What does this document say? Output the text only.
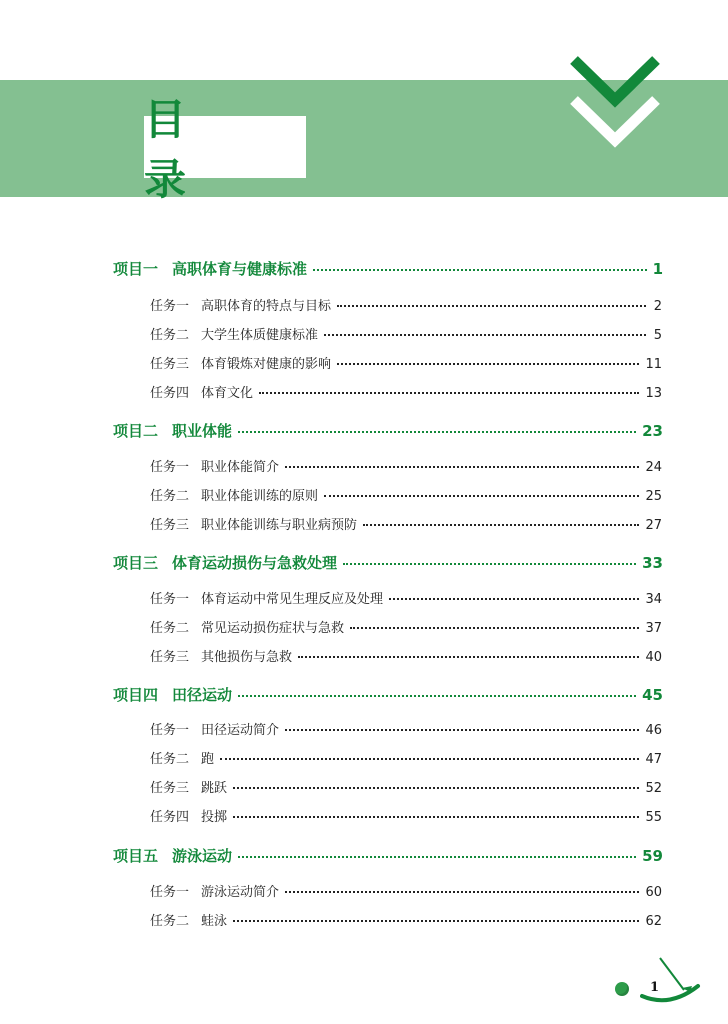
目 录
项目一 高职体育与健康标准	1
任务一 高职体育的特点与目标	2
任务二 大学生体质健康标准	5
任务三 体育锻炼对健康的影响	11
任务四 体育文化	13
项目二 职业体能	23
任务一 职业体能简介	24
任务二 职业体能训练的原则	25
任务三 职业体能训练与职业病预防	27
项目三 体育运动损伤与急救处理	33
任务一 体育运动中常见生理反应及处理	34
任务二 常见运动损伤症状与急救	37
任务三 其他损伤与急救	40
项目四 田径运动	45
任务一 田径运动简介	46
任务二 跑	47
任务三 跳跃	52
任务四 投掷	55
项目五 游泳运动	59
任务一 游泳运动简介	60
任务二 蛙泳	62
1
